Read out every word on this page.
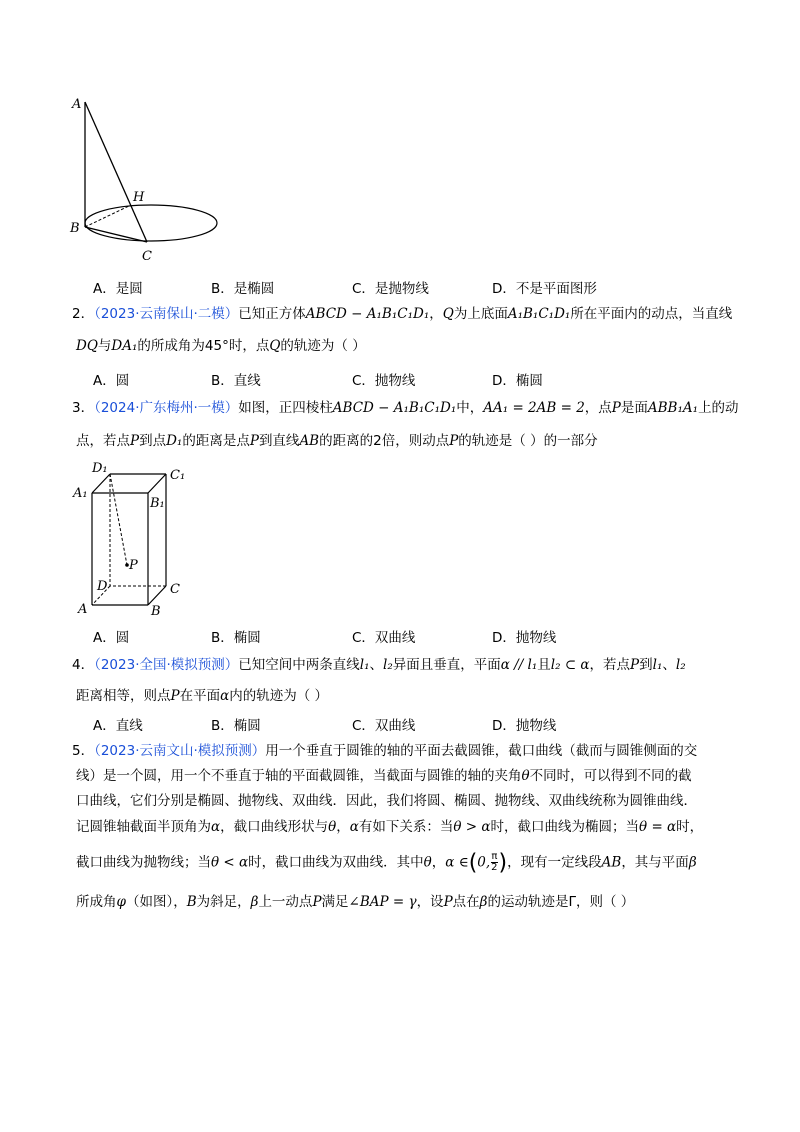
A
H
B
C
A．是圆	B．是椭圆	C．是抛物线	D．不是平面图形
2．（2023·云南保山·二模）已知正方体ABCD − A₁B₁C₁D₁，Q为上底面A₁B₁C₁D₁所在平面内的动点，当直线
DQ与DA₁的所成角为45°时，点Q的轨迹为（ ）
A．圆	B．直线	C．抛物线	D．椭圆
3．（2024·广东梅州·一模）如图，正四棱柱ABCD − A₁B₁C₁D₁中，AA₁ = 2AB = 2，点P是面ABB₁A₁上的动
点，若点P到点D₁的距离是点P到直线AB的距离的2倍，则动点P的轨迹是（ ）的一部分
D₁	C₁
A₁
B₁
P
D	C
A	B
A．圆	B．椭圆	C．双曲线	D．抛物线
4．（2023·全国·模拟预测）已知空间中两条直线l₁、l₂异面且垂直，平面α // l₁且l₂ ⊂ α，若点P到l₁、l₂
距离相等，则点P在平面α内的轨迹为（ ）
A．直线	B．椭圆	C．双曲线	D．抛物线
5．（2023·云南文山·模拟预测）用一个垂直于圆锥的轴的平面去截圆锥，截口曲线（截而与圆锥侧面的交
线）是一个圆，用一个不垂直于轴的平面截圆锥，当截面与圆锥的轴的夹角θ不同时，可以得到不同的截
口曲线，它们分别是椭圆、抛物线、双曲线．因此，我们将圆、椭圆、抛物线、双曲线统称为圆锥曲线．
记圆锥轴截面半顶角为α，截口曲线形状与θ，α有如下关系：当θ > α时，截口曲线为椭圆；当θ = α时，
截口曲线为抛物线；当θ < α时，截口曲线为双曲线．其中θ，α ∈(0, $\frac{\pi}{2}$ )，现有一定线段AB，其与平面β
所成角φ（如图），B为斜足，β上一动点P满足∠BAP = γ，设P点在β的运动轨迹是Γ，则（ ）
